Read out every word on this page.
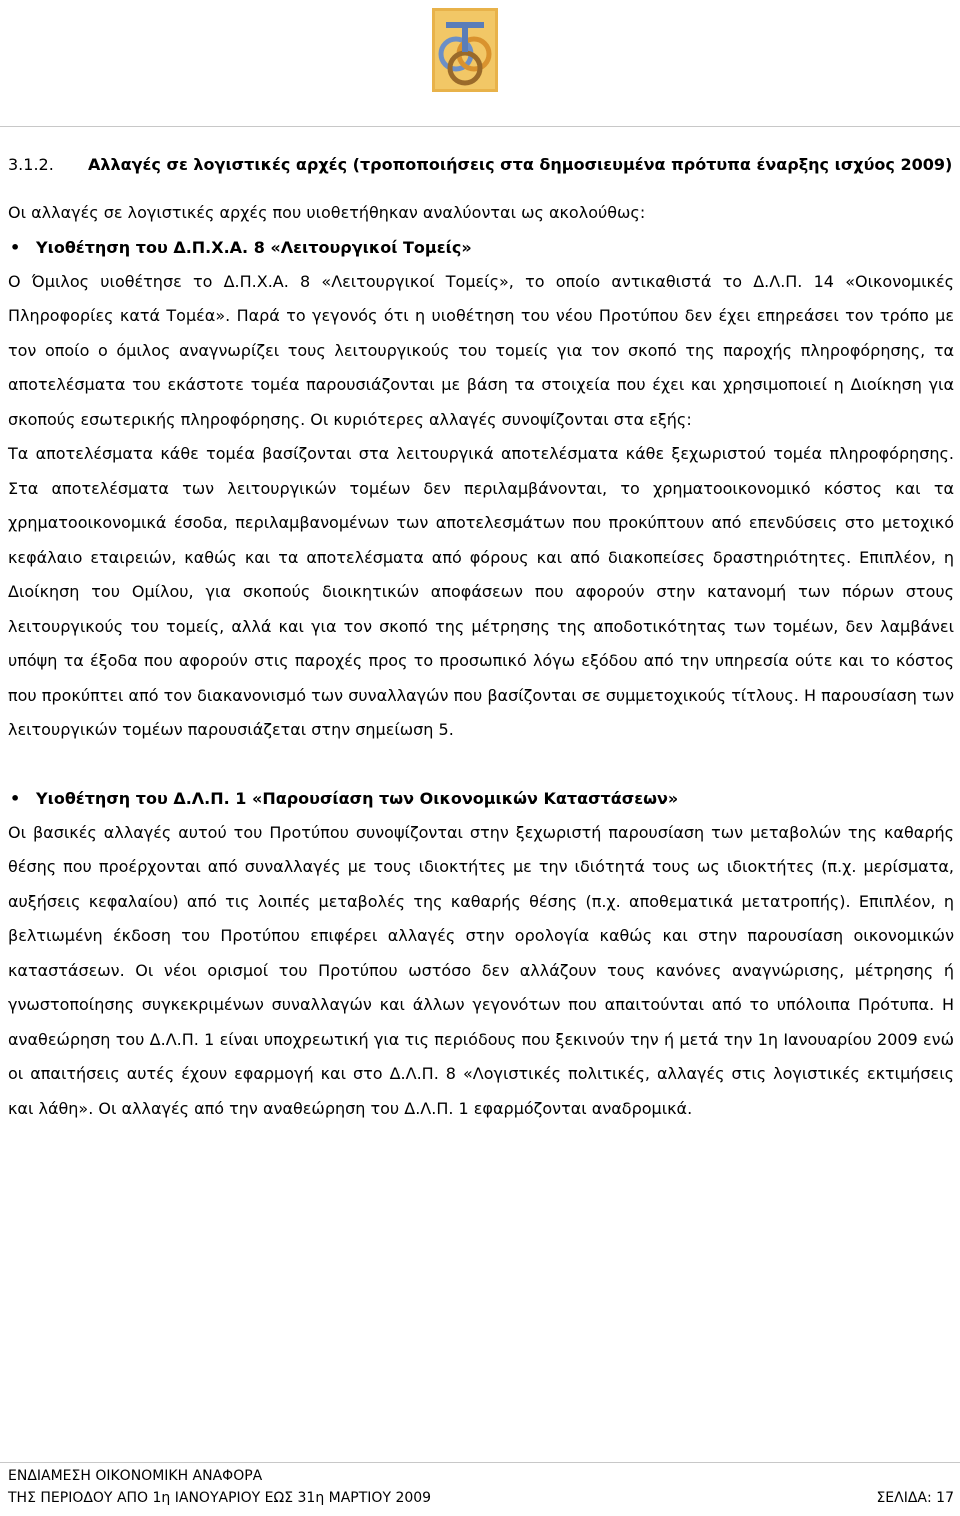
3.1.2.	Αλλαγές σε λογιστικές αρχές (τροποποιήσεις στα δημοσιευμένα πρότυπα έναρξης ισχύος 2009)

Οι αλλαγές σε λογιστικές αρχές που υιοθετήθηκαν αναλύονται ως ακολούθως:

• Υιοθέτηση του Δ.Π.Χ.Α. 8 «Λειτουργικοί Τομείς»

Ο Όμιλος υιοθέτησε το Δ.Π.Χ.Α. 8 «Λειτουργικοί Τομείς», το οποίο αντικαθιστά το Δ.Λ.Π. 14 «Οικονομικές Πληροφορίες κατά Τομέα». Παρά το γεγονός ότι η υιοθέτηση του νέου Προτύπου δεν έχει επηρεάσει τον τρόπο με τον οποίο ο όμιλος αναγνωρίζει τους λειτουργικούς του τομείς για τον σκοπό της παροχής πληροφόρησης, τα αποτελέσματα του εκάστοτε τομέα παρουσιάζονται με βάση τα στοιχεία που έχει και χρησιμοποιεί η Διοίκηση για σκοπούς εσωτερικής πληροφόρησης. Οι κυριότερες αλλαγές συνοψίζονται στα εξής:

Τα αποτελέσματα κάθε τομέα βασίζονται στα λειτουργικά αποτελέσματα κάθε ξεχωριστού τομέα πληροφόρησης. Στα αποτελέσματα των λειτουργικών τομέων δεν περιλαμβάνονται, το χρηματοοικονομικό κόστος και τα χρηματοοικονομικά έσοδα, περιλαμβανομένων των αποτελεσμάτων που προκύπτουν από επενδύσεις στο μετοχικό κεφάλαιο εταιρειών, καθώς και τα αποτελέσματα από φόρους και από διακοπείσες δραστηριότητες. Επιπλέον, η Διοίκηση του Ομίλου, για σκοπούς διοικητικών αποφάσεων που αφορούν στην κατανομή των πόρων στους λειτουργικούς του τομείς, αλλά και για τον σκοπό της μέτρησης της αποδοτικότητας των τομέων, δεν λαμβάνει υπόψη τα έξοδα που αφορούν στις παροχές προς το προσωπικό λόγω εξόδου από την υπηρεσία ούτε και το κόστος που προκύπτει από τον διακανονισμό των συναλλαγών που βασίζονται σε συμμετοχικούς τίτλους. Η παρουσίαση των λειτουργικών τομέων παρουσιάζεται στην σημείωση 5.

• Υιοθέτηση του Δ.Λ.Π. 1 «Παρουσίαση των Οικονομικών Καταστάσεων»

Οι βασικές αλλαγές αυτού του Προτύπου συνοψίζονται στην ξεχωριστή παρουσίαση των μεταβολών της καθαρής θέσης που προέρχονται από συναλλαγές με τους ιδιοκτήτες με την ιδιότητά τους ως ιδιοκτήτες (π.χ. μερίσματα, αυξήσεις κεφαλαίου) από τις λοιπές μεταβολές της καθαρής θέσης (π.χ. αποθεματικά μετατροπής). Επιπλέον, η βελτιωμένη έκδοση του Προτύπου επιφέρει αλλαγές στην ορολογία καθώς και στην παρουσίαση οικονομικών καταστάσεων. Οι νέοι ορισμοί του Προτύπου ωστόσο δεν αλλάζουν τους κανόνες αναγνώρισης, μέτρησης ή γνωστοποίησης συγκεκριμένων συναλλαγών και άλλων γεγονότων που απαιτούνται από το υπόλοιπα Πρότυπα. Η αναθεώρηση του Δ.Λ.Π. 1 είναι υποχρεωτική για τις περιόδους που ξεκινούν την ή μετά την 1η Ιανουαρίου 2009 ενώ οι απαιτήσεις αυτές έχουν εφαρμογή και στο Δ.Λ.Π. 8 «Λογιστικές πολιτικές, αλλαγές στις λογιστικές εκτιμήσεις και λάθη». Οι αλλαγές από την αναθεώρηση του Δ.Λ.Π. 1 εφαρμόζονται αναδρομικά.

ΕΝΔΙΑΜΕΣΗ ΟΙΚΟΝΟΜΙΚΗ ΑΝΑΦΟΡΑ
ΤΗΣ ΠΕΡΙΟΔΟΥ ΑΠΟ 1η ΙΑΝΟΥΑΡΙΟΥ ΕΩΣ 31η ΜΑΡΤΙΟΥ 2009	ΣΕΛΙΔΑ: 17
